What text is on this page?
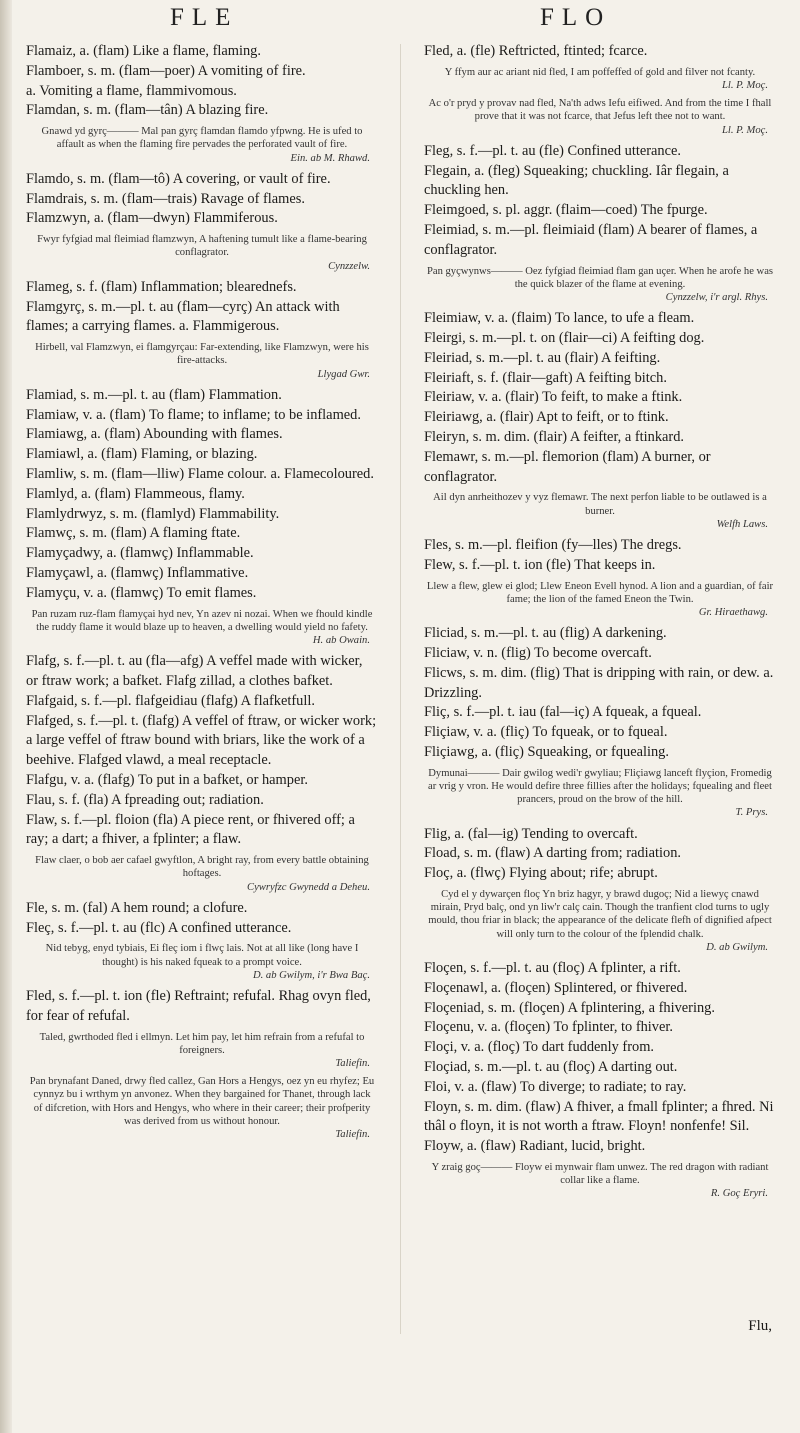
FLE	FLO
Flamaiz, a. (flam) Like a flame, flaming.
Flamboer, s. m. (flam—poer) A vomiting of fire.
a. Vomiting a flame, flammivomous.
Flamdan, s. m. (flam—tân) A blazing fire.
Gnawd yd gyrç——— Mal pan gyrç flamdan flamdo yfpwng. He is ufed to affault as when the flaming fire pervades the perforated vault of fire.
Ein. ab M. Rhawd.
Flamdo, s. m. (flam—tô) A covering, or vault of fire.
Flamdrais, s. m. (flam—trais) Ravage of flames.
Flamzwyn, a. (flam—dwyn) Flammiferous.
Fwyr fyfgiad mal fleimiad flamzwyn, A haftening tumult like a flame-bearing conflagrator.
Cynzzelw.
Flameg, s. f. (flam) Inflammation; blearednefs.
Flamgyrç, s. m.—pl. t. au (flam—cyrç) An attack with flames; a carrying flames. a. Flammigerous.
Hirbell, val Flamzwyn, ei flamgyrçau: Far-extending, like Flamzwyn, were his fire-attacks.
Llygad Gwr.
Flamiad, s. m.—pl. t. au (flam) Flammation.
Flamiaw, v. a. (flam) To flame; to inflame; to be inflamed.
Flamiawg, a. (flam) Abounding with flames.
Flamiawl, a. (flam) Flaming, or blazing.
Flamliw, s. m. (flam—lliw) Flame colour. a. Flamecoloured.
Flamlyd, a. (flam) Flammeous, flamy.
Flamlydrwyz, s. m. (flamlyd) Flammability.
Flamwç, s. m. (flam) A flaming ftate.
Flamyçadwy, a. (flamwç) Inflammable.
Flamyçawl, a. (flamwç) Inflammative.
Flamyçu, v. a. (flamwç) To emit flames.
Pan ruzam ruz-flam flamyçai hyd nev, Yn azev ni nozai. When we fhould kindle the ruddy flame it would blaze up to heaven, a dwelling would yield no fafety.
H. ab Owain.
Flafg, s. f.—pl. t. au (fla—afg) A veffel made with wicker, or ftraw work; a bafket. Flafg zillad, a clothes bafket.
Flafgaid, s. f.—pl. flafgeidiau (flafg) A flafketfull.
Flafged, s. f.—pl. t. (flafg) A veffel of ftraw, or wicker work; a large veffel of ftraw bound with briars, like the work of a beehive. Flafged vlawd, a meal receptacle.
Flafgu, v. a. (flafg) To put in a bafket, or hamper.
Flau, s. f. (fla) A fpreading out; radiation.
Flaw, s. f.—pl. floion (fla) A piece rent, or fhivered off; a ray; a dart; a fhiver, a fplinter; a flaw.
Flaw claer, o bob aer cafael gwyftlon, A bright ray, from every battle obtaining hoftages.
Cywryfzc Gwynedd a Deheu.
Fle, s. m. (fal) A hem round; a clofure.
Fleç, s. f.—pl. t. au (flc) A confined utterance.
Nid tebyg, enyd tybiais, Ei fleç iom i flwç lais. Not at all like (long have I thought) is his naked fqueak to a prompt voice.
D. ab Gwilym, i'r Bwa Baç.
Fled, s. f.—pl. t. ion (fle) Reftraint; refufal. Rhag ovyn fled, for fear of refufal.
Taled, gwrthoded fled i ellmyn. Let him pay, let him refrain from a refufal to foreigners.
Taliefin.
Pan brynafant Daned, drwy fled callez, Gan Hors a Hengys, oez yn eu rhyfez; Eu cynnyz bu i wrthym yn anvonez. When they bargained for Thanet, through lack of difcretion, with Hors and Hengys, who where in their career; their profperity was derived from us without honour.
Taliefin.
Fled, a. (fle) Reftricted, ftinted; fcarce.
Y ffym aur ac ariant nid fled, I am poffeffed of gold and filver not fcanty.
Ll. P. Moç.
Ac o'r pryd y provav nad fled, Na'th adws Iefu eifiwed. And from the time I fhall prove that it was not fcarce, that Jefus left thee not to want.
Ll. P. Moç.
Fleg, s. f.—pl. t. au (fle) Confined utterance.
Flegain, a. (fleg) Squeaking; chuckling. Iâr flegain, a chuckling hen.
Fleimgoed, s. pl. aggr. (flaim—coed) The fpurge.
Fleimiad, s. m.—pl. fleimiaid (flam) A bearer of flames, a conflagrator.
Pan gyçwynws——— Oez fyfgiad fleimiad flam gan uçer. When he arofe he was the quick blazer of the flame at evening.
Cynzzelw, i'r argl. Rhys.
Fleimiaw, v. a. (flaim) To lance, to ufe a fleam.
Fleirgi, s. m.—pl. t. on (flair—ci) A feifting dog.
Fleiriad, s. m.—pl. t. au (flair) A feifting.
Fleiriaft, s. f. (flair—gaft) A feifting bitch.
Fleiriaw, v. a. (flair) To feift, to make a ftink.
Fleiriawg, a. (flair) Apt to feift, or to ftink.
Fleiryn, s. m. dim. (flair) A feifter, a ftinkard.
Flemawr, s. m.—pl. flemorion (flam) A burner, or conflagrator.
Ail dyn anrheithozev y vyz flemawr. The next perfon liable to be outlawed is a burner.
Welfh Laws.
Fles, s. m.—pl. fleifion (fy—lles) The dregs.
Flew, s. f.—pl. t. ion (fle) That keeps in.
Llew a flew, glew ei glod; Llew Eneon Evell hynod. A lion and a guardian, of fair fame; the lion of the famed Eneon the Twin.
Gr. Hiraethawg.
Fliciad, s. m.—pl. t. au (flig) A darkening.
Fliciaw, v. n. (flig) To become overcaft.
Flicws, s. m. dim. (flig) That is dripping with rain, or dew. a. Drizzling.
Fliç, s. f.—pl. t. iau (fal—iç) A fqueak, a fqueal.
Fliçiaw, v. a. (fliç) To fqueak, or to fqueal.
Fliçiawg, a. (fliç) Squeaking, or fquealing.
Dymunai——— Dair gwilog wedi'r gwyliau; Fliçiawg lanceft flyçion, Fromedig ar vrig y vron. He would defire three fillies after the holidays; fquealing and fleet prancers, proud on the brow of the hill.
T. Prys.
Flig, a. (fal—ig) Tending to overcaft.
Fload, s. m. (flaw) A darting from; radiation.
Floç, a. (flwç) Flying about; rife; abrupt.
Cyd el y dywarçen floç Yn briz hagyr, y brawd dugoç; Nid a liewyç cnawd mirain, Pryd balç, ond yn liw'r calç cain. Though the tranfient clod turns to ugly mould, thou friar in black; the appearance of the delicate flefh of dignified afpect will only turn to the colour of the fplendid chalk.
D. ab Gwilym.
Floçen, s. f.—pl. t. au (floç) A fplinter, a rift.
Floçenawl, a. (floçen) Splintered, or fhivered.
Floçeniad, s. m. (floçen) A fplintering, a fhivering.
Floçenu, v. a. (floçen) To fplinter, to fhiver.
Floçi, v. a. (floç) To dart fuddenly from.
Floçiad, s. m.—pl. t. au (floç) A darting out.
Floi, v. a. (flaw) To diverge; to radiate; to ray.
Floyn, s. m. dim. (flaw) A fhiver, a fmall fplinter; a fhred. Ni thâl o floyn, it is not worth a ftraw. Floyn! nonfenfe! Sil.
Floyw, a. (flaw) Radiant, lucid, bright.
Y zraig goç——— Floyw ei mynwair flam unwez. The red dragon with radiant collar like a flame.
R. Goç Eryri.
Flu,
